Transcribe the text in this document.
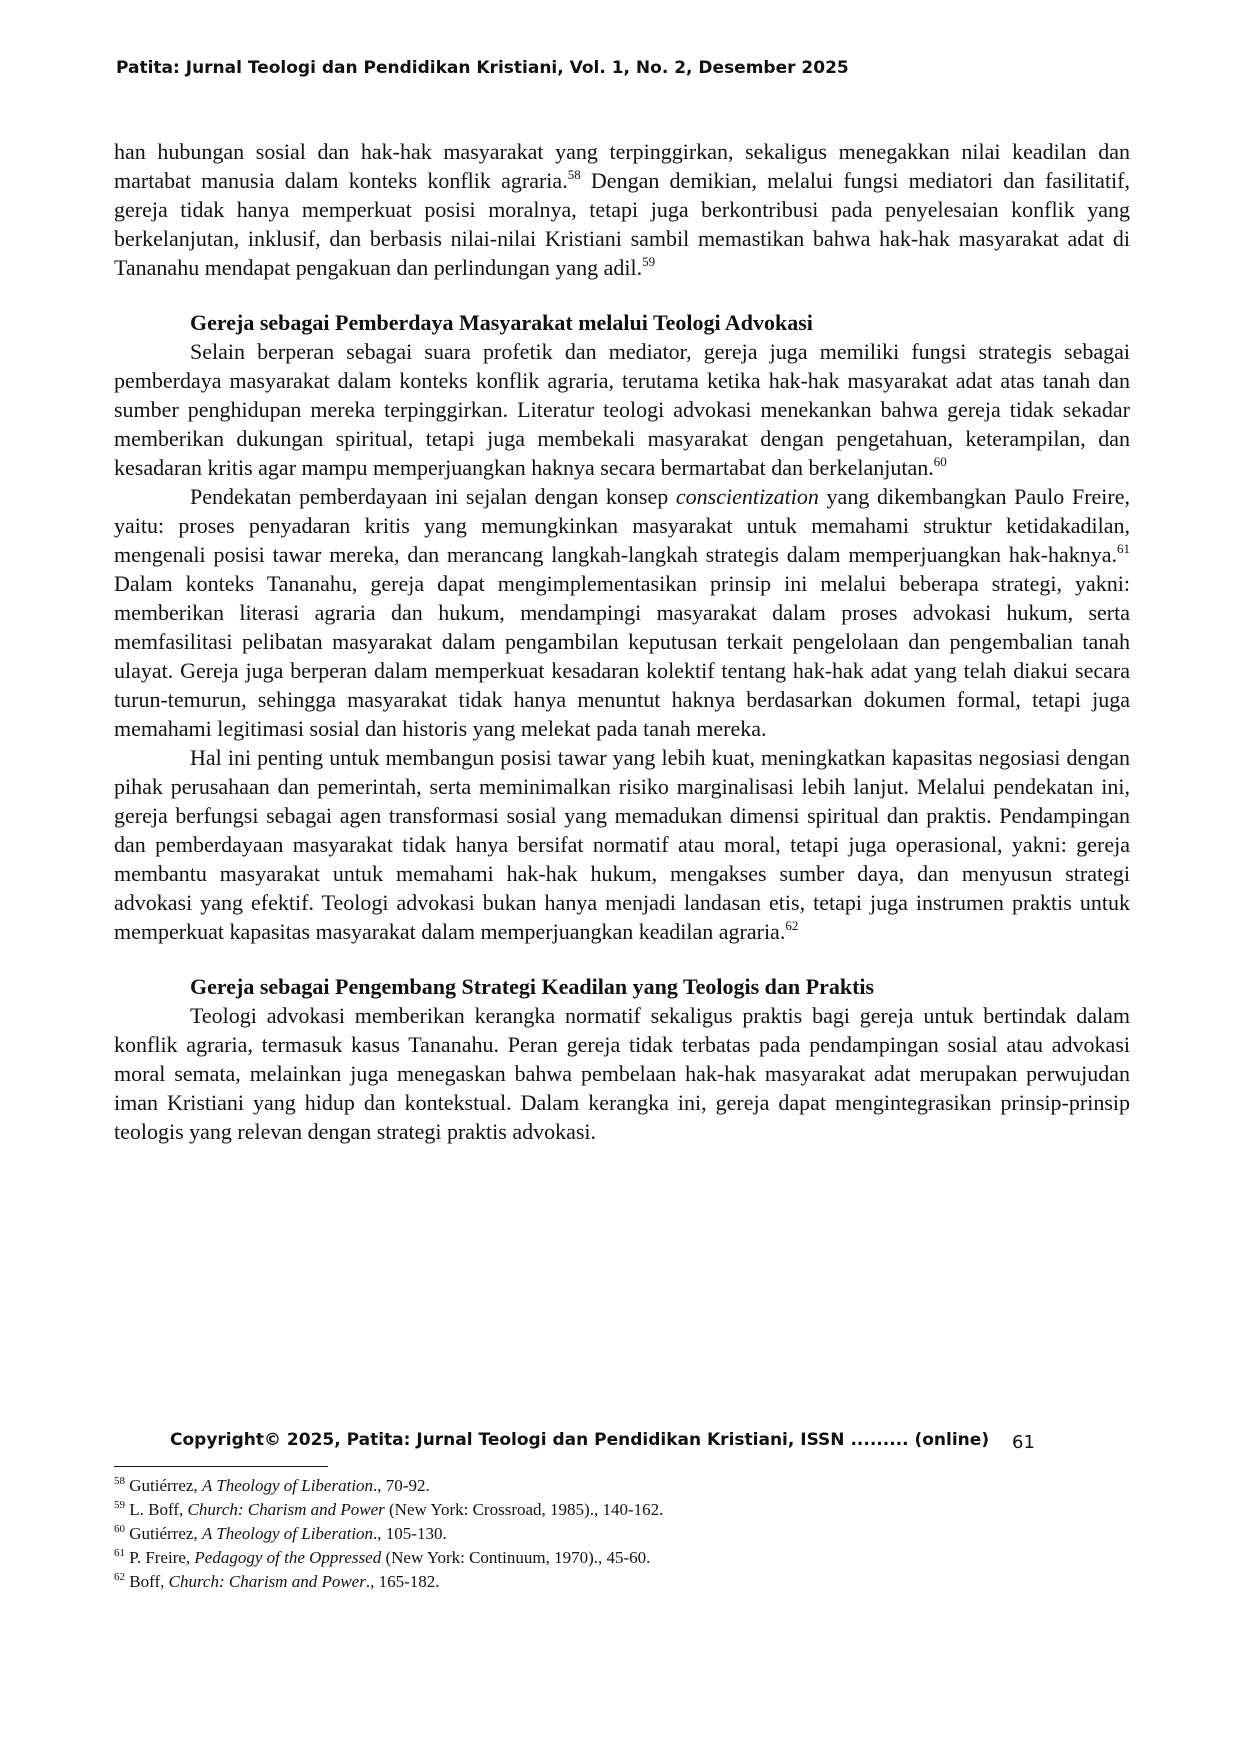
Patita: Jurnal Teologi dan Pendidikan Kristiani, Vol. 1, No. 2, Desember 2025

han hubungan sosial dan hak-hak masyarakat yang terpinggirkan, sekaligus menegakkan nilai keadilan dan martabat manusia dalam konteks konflik agraria.$^{58}$ Dengan demikian, melalui fungsi mediatori dan fasilitatif, gereja tidak hanya memperkuat posisi moralnya, tetapi juga berkontribusi pada penyelesaian konflik yang berkelanjutan, inklusif, dan berbasis nilai-nilai Kristiani sambil memastikan bahwa hak-hak masyarakat adat di Tananahu mendapat pengakuan dan perlindungan yang adil.$^{59}$

Gereja sebagai Pemberdaya Masyarakat melalui Teologi Advokasi

Selain berperan sebagai suara profetik dan mediator, gereja juga memiliki fungsi strategis sebagai pemberdaya masyarakat dalam konteks konflik agraria, terutama ketika hak-hak masyarakat adat atas tanah dan sumber penghidupan mereka terpinggirkan. Literatur teologi advokasi menekankan bahwa gereja tidak sekadar memberikan dukungan spiritual, tetapi juga membekali masyarakat dengan pengetahuan, keterampilan, dan kesadaran kritis agar mampu memperjuangkan haknya secara bermartabat dan berkelanjutan.$^{60}$

Pendekatan pemberdayaan ini sejalan dengan konsep conscientization yang dikembangkan Paulo Freire, yaitu: proses penyadaran kritis yang memungkinkan masyarakat untuk memahami struktur ketidakadilan, mengenali posisi tawar mereka, dan merancang langkah-langkah strategis dalam memperjuangkan hak-haknya.$^{61}$ Dalam konteks Tananahu, gereja dapat mengimplementasikan prinsip ini melalui beberapa strategi, yakni: memberikan literasi agraria dan hukum, mendampingi masyarakat dalam proses advokasi hukum, serta memfasilitasi pelibatan masyarakat dalam pengambilan keputusan terkait pengelolaan dan pengembalian tanah ulayat. Gereja juga berperan dalam memperkuat kesadaran kolektif tentang hak-hak adat yang telah diakui secara turun-temurun, sehingga masyarakat tidak hanya menuntut haknya berdasarkan dokumen formal, tetapi juga memahami legitimasi sosial dan historis yang melekat pada tanah mereka.

Hal ini penting untuk membangun posisi tawar yang lebih kuat, meningkatkan kapasitas negosiasi dengan pihak perusahaan dan pemerintah, serta meminimalkan risiko marginalisasi lebih lanjut. Melalui pendekatan ini, gereja berfungsi sebagai agen transformasi sosial yang memadukan dimensi spiritual dan praktis. Pendampingan dan pemberdayaan masyarakat tidak hanya bersifat normatif atau moral, tetapi juga operasional, yakni: gereja membantu masyarakat untuk memahami hak-hak hukum, mengakses sumber daya, dan menyusun strategi advokasi yang efektif. Teologi advokasi bukan hanya menjadi landasan etis, tetapi juga instrumen praktis untuk memperkuat kapasitas masyarakat dalam memperjuangkan keadilan agraria.$^{62}$

Gereja sebagai Pengembang Strategi Keadilan yang Teologis dan Praktis

Teologi advokasi memberikan kerangka normatif sekaligus praktis bagi gereja untuk bertindak dalam konflik agraria, termasuk kasus Tananahu. Peran gereja tidak terbatas pada pendampingan sosial atau advokasi moral semata, melainkan juga menegaskan bahwa pembelaan hak-hak masyarakat adat merupakan perwujudan iman Kristiani yang hidup dan kontekstual. Dalam kerangka ini, gereja dapat mengintegrasikan prinsip-prinsip teologis yang relevan dengan strategi praktis advokasi.

Copyright© 2025, Patita: Jurnal Teologi dan Pendidikan Kristiani, ISSN ......... (online) 61

$^{58}$ Gutiérrez, A Theology of Liberation., 70-92.

$^{59}$ L. Boff, Church: Charism and Power (New York: Crossroad, 1985)., 140-162.

$^{60}$ Gutiérrez, A Theology of Liberation., 105-130.

$^{61}$ P. Freire, Pedagogy of the Oppressed (New York: Continuum, 1970)., 45-60.

$^{62}$ Boff, Church: Charism and Power., 165-182.
